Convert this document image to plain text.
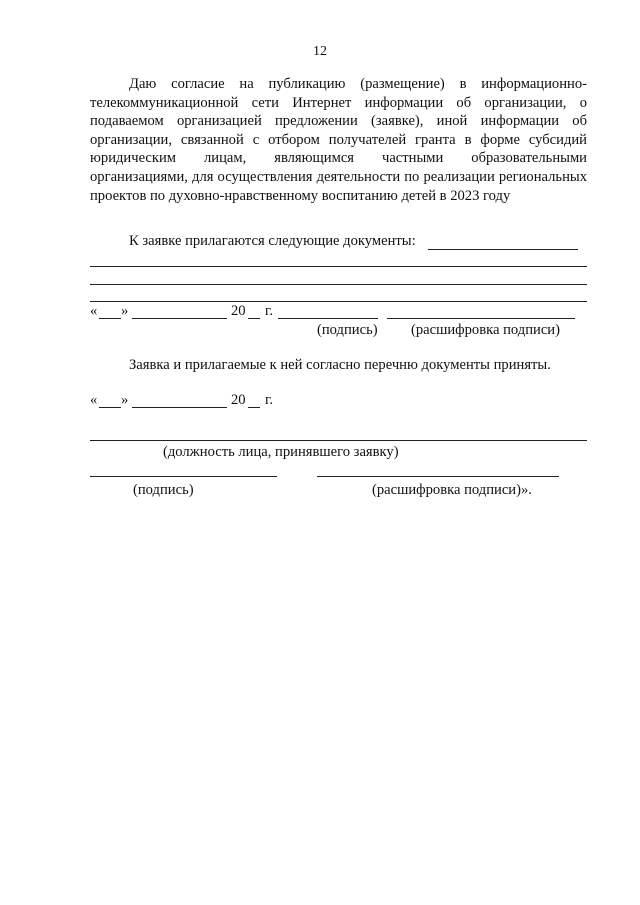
12
Даю согласие на публикацию (размещение) в информационно-телекоммуникационной сети Интернет информации об организации, о подаваемом организацией предложении (заявке), иной информации об организации, связанной с отбором получателей гранта в форме субсидий юридическим лицам, являющимся частными образовательными организациями, для осуществления деятельности по реализации региональных проектов по духовно-нравственному воспитанию детей в 2023 году
К заявке прилагаются следующие документы:
« »	20 г.
(подпись) (расшифровка подписи)
Заявка и прилагаемые к ней согласно перечню документы приняты.
« »	20 г.
(должность лица, принявшего заявку)
(подпись)	(расшифровка подписи)».
